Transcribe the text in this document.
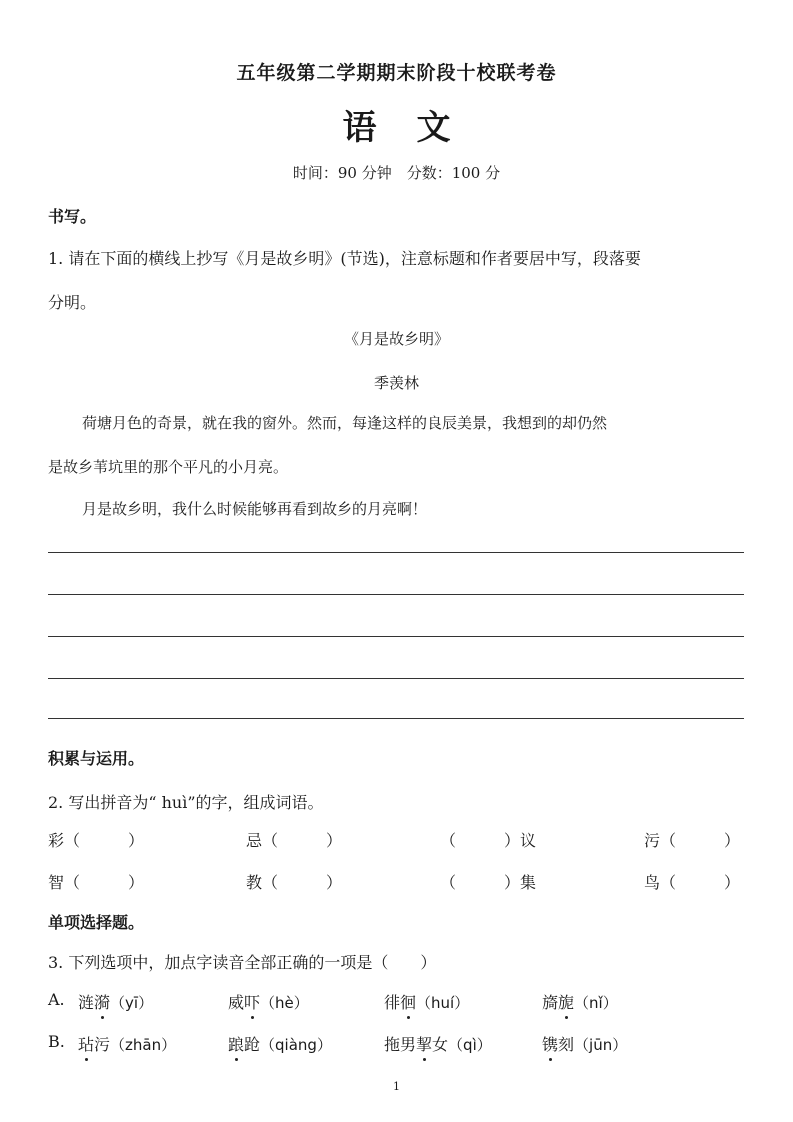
五年级第二学期期末阶段十校联考卷
语文
时间：90 分钟　分数：100 分
书写。
1. 请在下面的横线上抄写《月是故乡明》(节选)，注意标题和作者要居中写，段落要
分明。
《月是故乡明》
季羡林
荷塘月色的奇景，就在我的窗外。然而，每逢这样的良辰美景，我想到的却仍然
是故乡苇坑里的那个平凡的小月亮。
月是故乡明，我什么时候能够再看到故乡的月亮啊！
积累与运用。
2. 写出拼音为“ huì”的字，组成词语。
彩（　　　）	忌（　　　）	（　　　）议	污（　　　）
智（　　　）	教（　　　）	（　　　）集	鸟（　　　）
单项选择题。
3. 下列选项中，加点字读音全部正确的一项是（　　）
A. 涟漪（yī）	威吓（hè）	徘徊（huí）	旖旎（nǐ）
B. 玷污（zhān）	踉跄（qiàng）	拖男挈女（qì）	镌刻（jūn）
1
